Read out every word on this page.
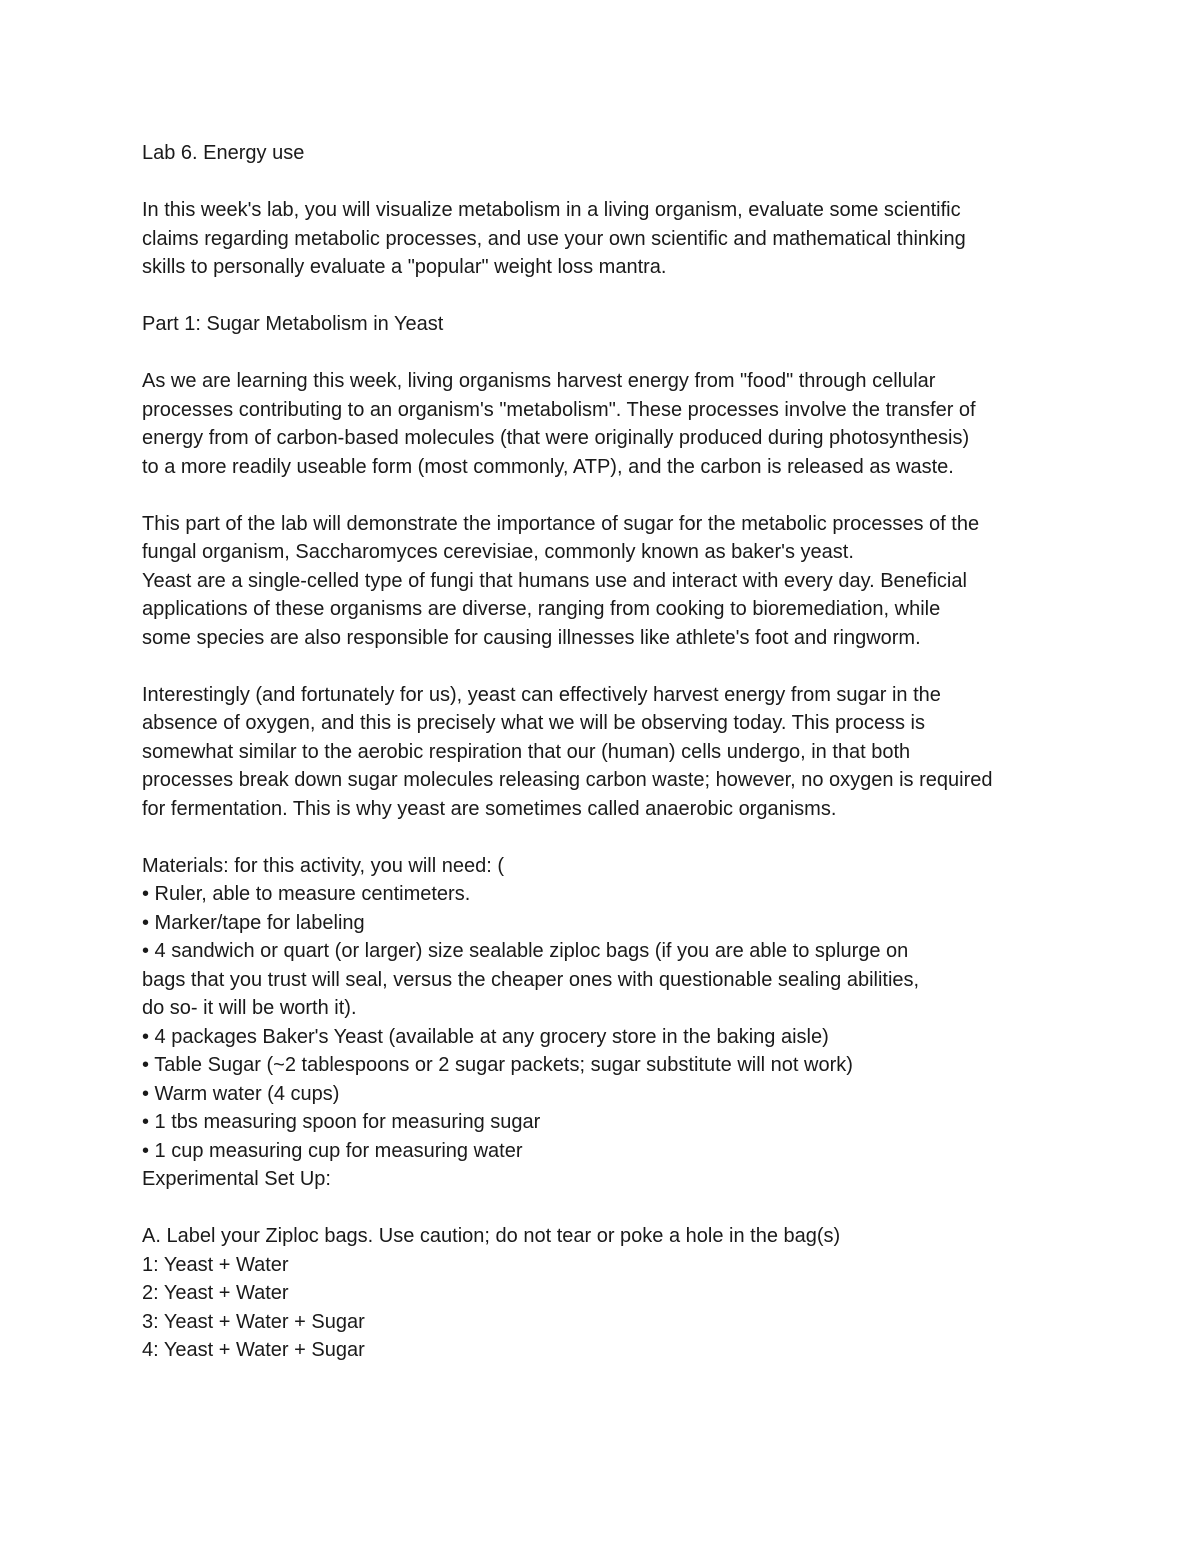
Lab 6. Energy use

In this week's lab, you will visualize metabolism in a living organism, evaluate some scientific

claims regarding metabolic processes, and use your own scientific and mathematical thinking

skills to personally evaluate a "popular" weight loss mantra.

Part 1: Sugar Metabolism in Yeast

As we are learning this week, living organisms harvest energy from "food" through cellular

processes contributing to an organism's "metabolism". These processes involve the transfer of

energy from of carbon-based molecules (that were originally produced during photosynthesis)

to a more readily useable form (most commonly, ATP), and the carbon is released as waste.

This part of the lab will demonstrate the importance of sugar for the metabolic processes of the

fungal organism, Saccharomyces cerevisiae, commonly known as baker's yeast.

Yeast are a single-celled type of fungi that humans use and interact with every day. Beneficial

applications of these organisms are diverse, ranging from cooking to bioremediation, while

some species are also responsible for causing illnesses like athlete's foot and ringworm.

Interestingly (and fortunately for us), yeast can effectively harvest energy from sugar in the

absence of oxygen, and this is precisely what we will be observing today. This process is

somewhat similar to the aerobic respiration that our (human) cells undergo, in that both

processes break down sugar molecules releasing carbon waste; however, no oxygen is required

for fermentation. This is why yeast are sometimes called anaerobic organisms.

Materials: for this activity, you will need: (

• Ruler, able to measure centimeters.

• Marker/tape for labeling

• 4 sandwich or quart (or larger) size sealable ziploc bags (if you are able to splurge on

bags that you trust will seal, versus the cheaper ones with questionable sealing abilities,

do so- it will be worth it).

• 4 packages Baker's Yeast (available at any grocery store in the baking aisle)

• Table Sugar (~2 tablespoons or 2 sugar packets; sugar substitute will not work)

• Warm water (4 cups)

• 1 tbs measuring spoon for measuring sugar

• 1 cup measuring cup for measuring water

Experimental Set Up:

A. Label your Ziploc bags. Use caution; do not tear or poke a hole in the bag(s)

1: Yeast + Water

2: Yeast + Water

3: Yeast + Water + Sugar

4: Yeast + Water + Sugar
